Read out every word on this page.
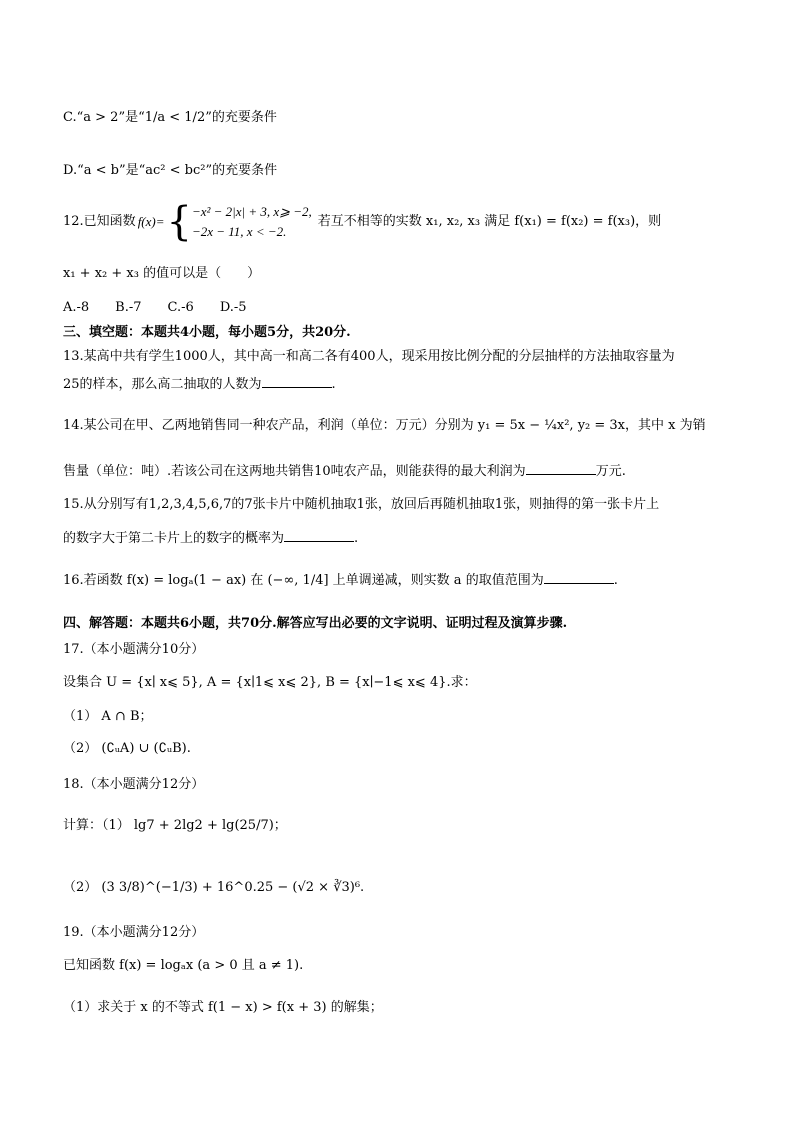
C.“a > 2”是“1/a < 1/2”的充要条件
D.“a < b”是“ac² < bc²”的充要条件
12.已知函数 f(x)= { −x² − 2|x| + 3, x⩾ −2,
−2x − 11, x < −2.
若互不相等的实数 x₁, x₂, x₃ 满足 f(x₁) = f(x₂) = f(x₃)，则
x₁ + x₂ + x₃ 的值可以是（　　）
A.-8　　B.-7　　C.-6　　D.-5
三、填空题：本题共4小题，每小题5分，共20分.
13.某高中共有学生1000人，其中高一和高二各有400人，现采用按比例分配的分层抽样的方法抽取容量为
25的样本，那么高二抽取的人数为	.
14.某公司在甲、乙两地销售同一种农产品，利润（单位：万元）分别为 y₁ = 5x − ¼x², y₂ = 3x，其中 x 为销
售量（单位：吨）.若该公司在这两地共销售10吨农产品，则能获得的最大利润为	万元.
15.从分别写有1,2,3,4,5,6,7的7张卡片中随机抽取1张，放回后再随机抽取1张，则抽得的第一张卡片上
的数字大于第二卡片上的数字的概率为	.
16.若函数 f(x) = logₐ(1 − ax) 在 (−∞, 1/4] 上单调递减，则实数 a 的取值范围为	.
四、解答题：本题共6小题，共70分.解答应写出必要的文字说明、证明过程及演算步骤.
17.（本小题满分10分）
设集合 U = {x∣ x⩽ 5}, A = {x∣1⩽ x⩽ 2}, B = {x∣−1⩽ x⩽ 4}.求：
（1） A ∩ B；
（2） (∁ᵤA) ∪ (∁ᵤB).
18.（本小题满分12分）
计算：（1） lg7 + 2lg2 + lg(25/7)；
（2） (3 3/8)^(−1/3) + 16^0.25 − (√2 × ∛3)⁶.
19.（本小题满分12分）
已知函数 f(x) = logₐx (a > 0 且 a ≠ 1).
（1）求关于 x 的不等式 f(1 − x) > f(x + 3) 的解集；
